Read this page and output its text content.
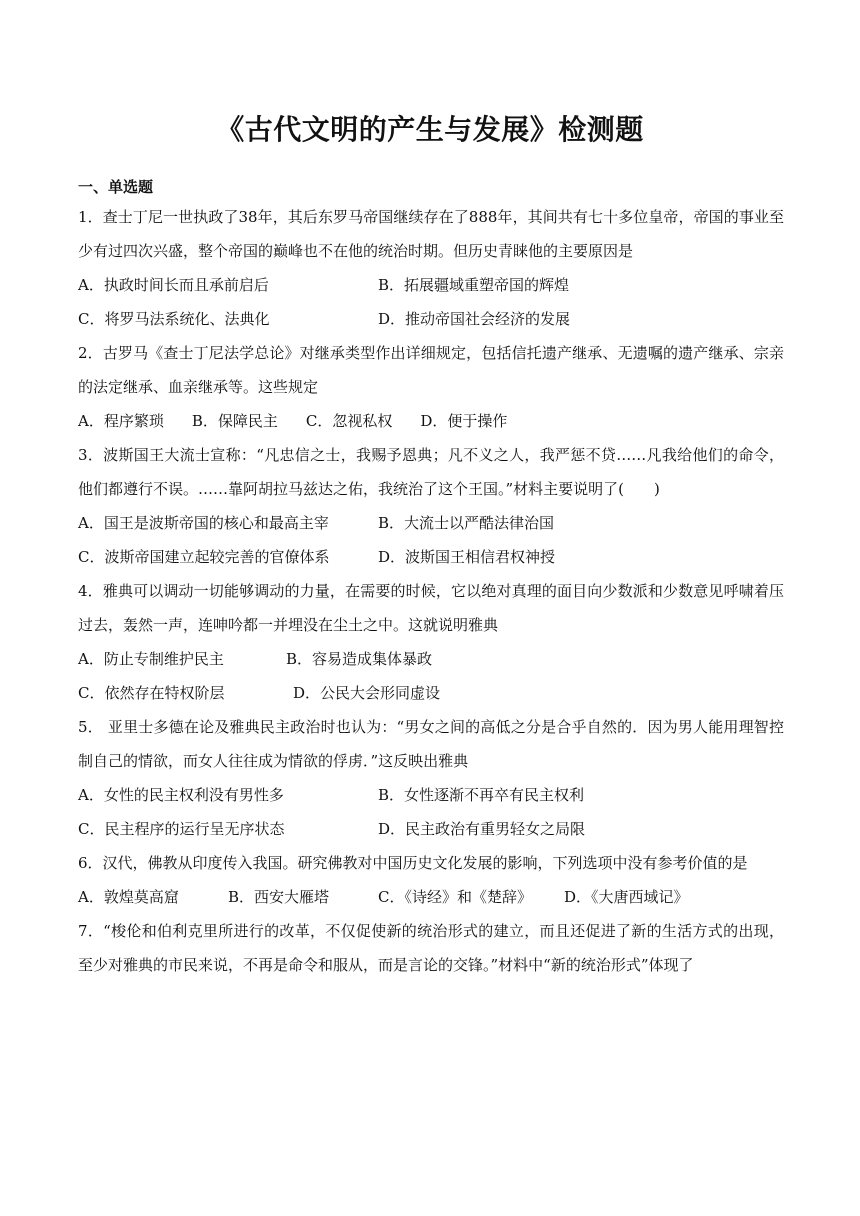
《古代文明的产生与发展》检测题
一、单选题

1．查士丁尼一世执政了38年，其后东罗马帝国继续存在了888年，其间共有七十多位皇帝，帝国的事业至少有过四次兴盛，整个帝国的巅峰也不在他的统治时期。但历史青睐他的主要原因是

A．执政时间长而且承前启后	B．拓展疆域重塑帝国的辉煌
C．将罗马法系统化、法典化	D．推动帝国社会经济的发展

2．古罗马《查士丁尼法学总论》对继承类型作出详细规定，包括信托遗产继承、无遗嘱的遗产继承、宗亲的法定继承、血亲继承等。这些规定

A．程序繁琐 B．保障民主 C．忽视私权 D．便于操作

3．波斯国王大流士宣称：“凡忠信之士，我赐予恩典；凡不义之人，我严惩不贷……凡我给他们的命令，他们都遵行不误。……靠阿胡拉马兹达之佑，我统治了这个王国。”材料主要说明了(　　)

A．国王是波斯帝国的核心和最高主宰	B．大流士以严酷法律治国
C．波斯帝国建立起较完善的官僚体系	D．波斯国王相信君权神授

4．雅典可以调动一切能够调动的力量，在需要的时候，它以绝对真理的面目向少数派和少数意见呼啸着压过去，轰然一声，连呻吟都一并埋没在尘土之中。这就说明雅典

A．防止专制维护民主	B．容易造成集体暴政
C．依然存在特权阶层	D．公民大会形同虚设

5． 亚里士多德在论及雅典民主政治时也认为：“男女之间的高低之分是合乎自然的．因为男人能用理智控制自己的情欲，而女人往往成为情欲的俘虏．”这反映出雅典

A．女性的民主权利没有男性多	B．女性逐渐不再卒有民主权利
C．民主程序的运行呈无序状态	D．民主政治有重男轻女之局限

6．汉代，佛教从印度传入我国。研究佛教对中国历史文化发展的影响，下列选项中没有参考价值的是

A．敦煌莫高窟	B．西安大雁塔	C．《诗经》和《楚辞》	D．《大唐西域记》

7．“梭伦和伯利克里所进行的改革，不仅促使新的统治形式的建立，而且还促进了新的生活方式的出现，至少对雅典的市民来说，不再是命令和服从，而是言论的交锋。”材料中“新的统治形式”体现了
